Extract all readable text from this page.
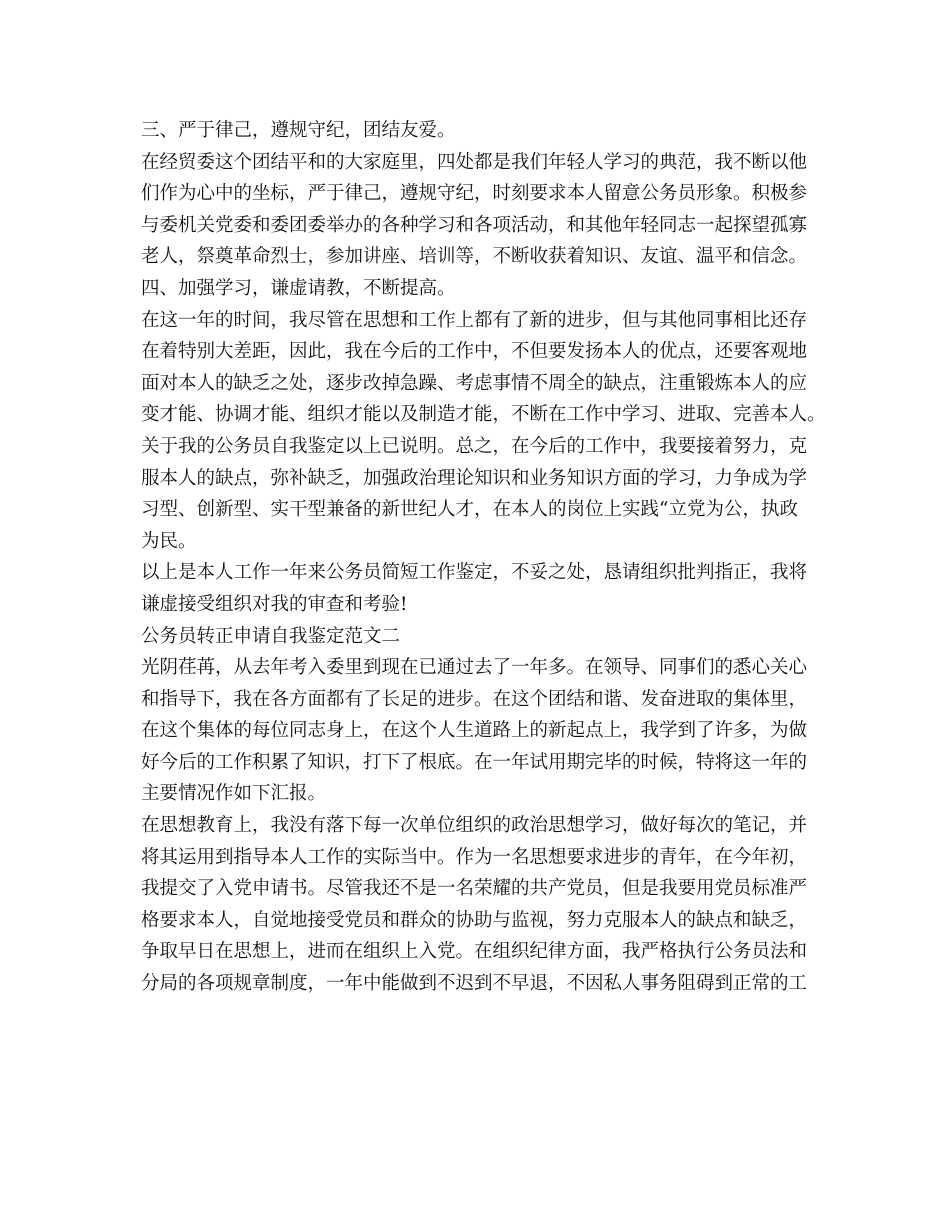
三、严于律己，遵规守纪，团结友爱。
在经贸委这个团结平和的大家庭里，四处都是我们年轻人学习的典范，我不断以他
们作为心中的坐标，严于律己，遵规守纪，时刻要求本人留意公务员形象。积极参
与委机关党委和委团委举办的各种学习和各项活动，和其他年轻同志一起探望孤寡
老人，祭奠革命烈士，参加讲座、培训等，不断收获着知识、友谊、温平和信念。
四、加强学习，谦虚请教，不断提高。
在这一年的时间，我尽管在思想和工作上都有了新的进步，但与其他同事相比还存
在着特别大差距，因此，我在今后的工作中，不但要发扬本人的优点，还要客观地
面对本人的缺乏之处，逐步改掉急躁、考虑事情不周全的缺点，注重锻炼本人的应
变才能、协调才能、组织才能以及制造才能，不断在工作中学习、进取、完善本人。
关于我的公务员自我鉴定以上已说明。总之，在今后的工作中，我要接着努力，克
服本人的缺点，弥补缺乏，加强政治理论知识和业务知识方面的学习，力争成为学
习型、创新型、实干型兼备的新世纪人才，在本人的岗位上实践“立党为公，执政
为民。
以上是本人工作一年来公务员简短工作鉴定，不妥之处，恳请组织批判指正，我将
谦虚接受组织对我的审查和考验!
公务员转正申请自我鉴定范文二
光阴荏苒，从去年考入委里到现在已通过去了一年多。在领导、同事们的悉心关心
和指导下，我在各方面都有了长足的进步。在这个团结和谐、发奋进取的集体里，
在这个集体的每位同志身上，在这个人生道路上的新起点上，我学到了许多，为做
好今后的工作积累了知识，打下了根底。在一年试用期完毕的时候，特将这一年的
主要情况作如下汇报。
在思想教育上，我没有落下每一次单位组织的政治思想学习，做好每次的笔记，并
将其运用到指导本人工作的实际当中。作为一名思想要求进步的青年，在今年初，
我提交了入党申请书。尽管我还不是一名荣耀的共产党员，但是我要用党员标准严
格要求本人，自觉地接受党员和群众的协助与监视，努力克服本人的缺点和缺乏，
争取早日在思想上，进而在组织上入党。在组织纪律方面，我严格执行公务员法和
分局的各项规章制度，一年中能做到不迟到不早退，不因私人事务阻碍到正常的工
